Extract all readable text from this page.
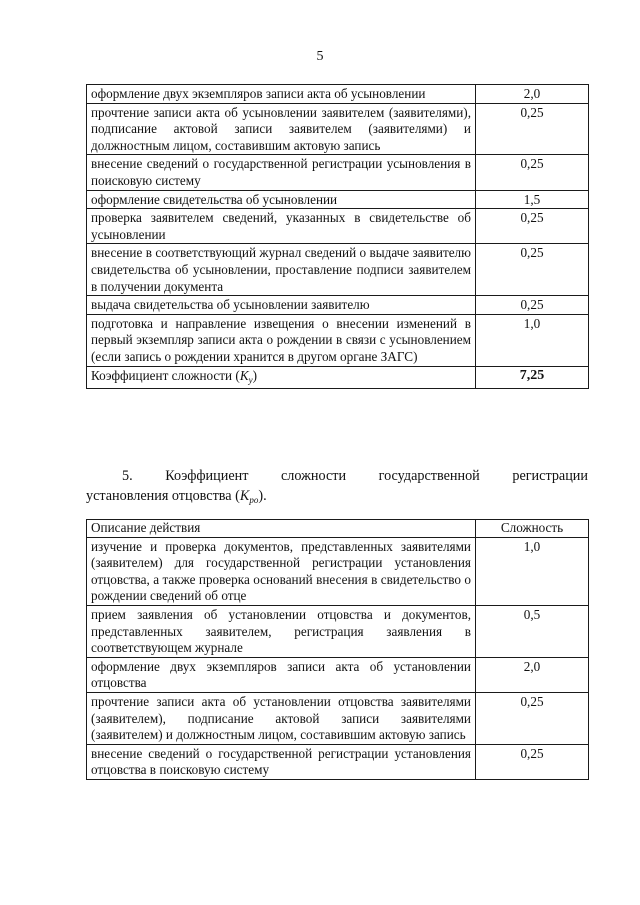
5
оформление двух экземпляров записи акта об усыновлении	2,0
прочтение записи акта об усыновлении заявителем (заявителями), подписание актовой записи заявителем (заявителями) и должностным лицом, составившим актовую запись	0,25
внесение сведений о государственной регистрации усыновления в поисковую систему	0,25
оформление свидетельства об усыновлении	1,5
проверка заявителем сведений, указанных в свидетельстве об усыновлении	0,25
внесение в соответствующий журнал сведений о выдаче заявителю свидетельства об усыновлении, проставление подписи заявителем в получении документа	0,25
выдача свидетельства об усыновлении заявителю	0,25
подготовка и направление извещения о внесении изменений в первый экземпляр записи акта о рождении в связи с усыновлением (если запись о рождении хранится в другом органе ЗАГС)	1,0
Коэффициент сложности $(K_у)$	7,25
5. Коэффициент сложности государственной регистрации
установления отцовства $(K_{ро})$.
Описание действия	Сложность
изучение и проверка документов, представленных заявителями (заявителем) для государственной регистрации установления отцовства, а также проверка оснований внесения в свидетельство о рождении сведений об отце	1,0
прием заявления об установлении отцовства и документов, представленных заявителем, регистрация заявления в соответствующем журнале	0,5
оформление двух экземпляров записи акта об установлении отцовства	2,0
прочтение записи акта об установлении отцовства заявителями (заявителем), подписание актовой записи заявителями (заявителем) и должностным лицом, составившим актовую запись	0,25
внесение сведений о государственной регистрации установления отцовства в поисковую систему	0,25
